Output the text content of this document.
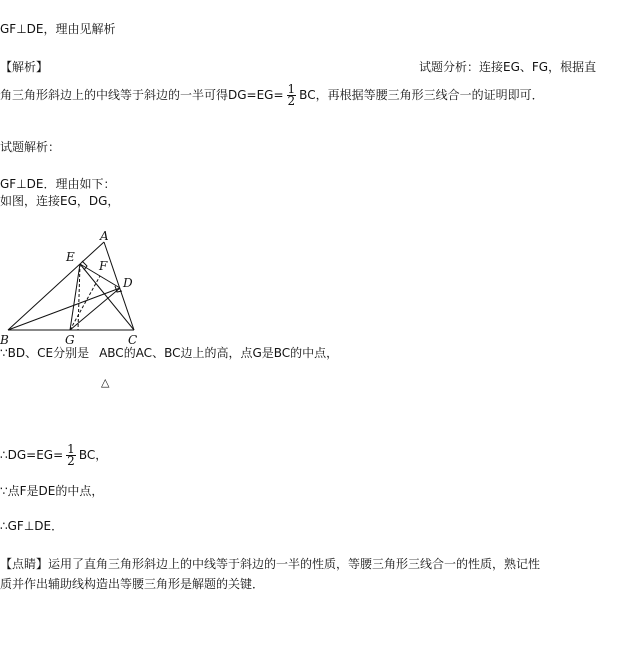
GF⊥DE，理由见解析
【解析】	试题分析：连接EG、FG，根据直
角三角形斜边上的中线等于斜边的一半可得$DG=EG= \frac{1}{2}$ BC，再根据等腰三角形三线合一的证明即可．
试题解析：
GF⊥DE．理由如下：
如图，连接EG，DG，
A
E
F
D
B	G	C
∵BD、CE分别是 ABC的AC、BC边上的高，点G是BC的中点，
△
∴DG=EG= $\frac{1}{2}$ BC，
∵点F是DE的中点，
∴GF⊥DE．
【点睛】运用了直角三角形斜边上的中线等于斜边的一半的性质，等腰三角形三线合一的性质，熟记性
质并作出辅助线构造出等腰三角形是解题的关键．
